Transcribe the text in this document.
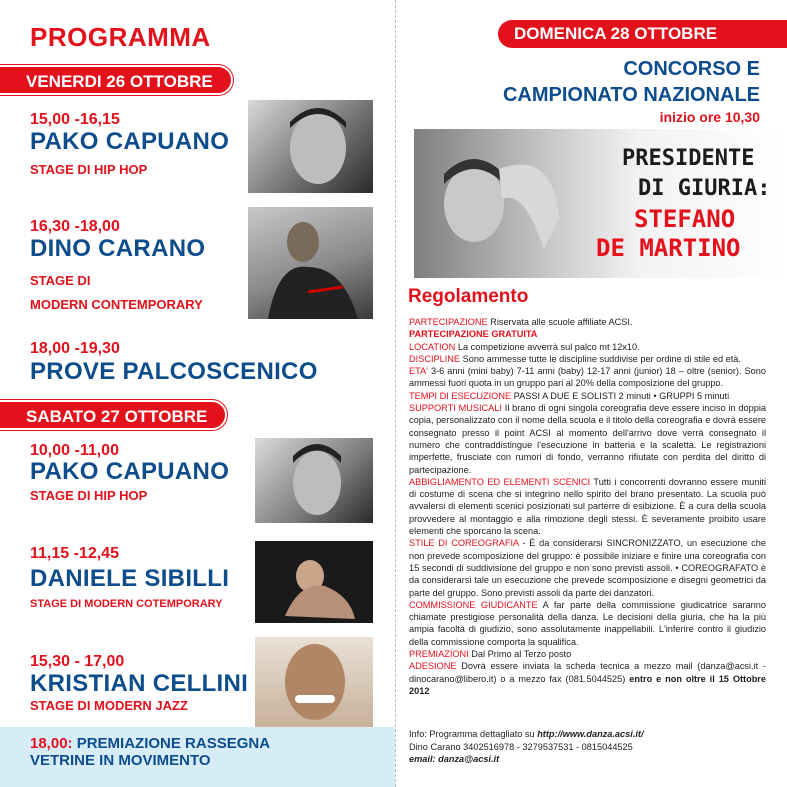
PROGRAMMA
VENERDI 26 OTTOBRE
15,00 -16,15
PAKO CAPUANO
STAGE DI HIP HOP
16,30 -18,00
DINO CARANO
STAGE DI
MODERN CONTEMPORARY
18,00 -19,30
PROVE PALCOSCENICO
SABATO 27 OTTOBRE
10,00 -11,00
PAKO CAPUANO
STAGE DI HIP HOP
11,15 -12,45
DANIELE SIBILLI
STAGE DI MODERN COTEMPORARY
15,30 - 17,00
KRISTIAN CELLINI
STAGE DI MODERN JAZZ
18,00: PREMIAZIONE RASSEGNA
VETRINE IN MOVIMENTO
DOMENICA 28 OTTOBRE
CONCORSO E
CAMPIONATO NAZIONALE
inizio ore 10,30
PRESIDENTE
DI GIURIA:
STEFANO
DE MARTINO
Regolamento
PARTECIPAZIONE Riservata alle scuole affiliate ACSI.
PARTECIPAZIONE GRATUITA
LOCATION La competizione avverrà sul palco mt 12x10.
DISCIPLINE Sono ammesse tutte le discipline suddivise per ordine di stile ed età.
ETA' 3-6 anni (mini baby) 7-11 anni (baby) 12-17 anni (junior) 18 – oltre (senior). Sono ammessi fuori quota in un gruppo pari al 20% della composizione del gruppo.
TEMPI DI ESECUZIONE PASSI A DUE E SOLISTI 2 minuti • GRUPPI 5 minuti
SUPPORTI MUSICALI Il brano di ogni singola coreografia deve essere inciso in doppia copia, personalizzato con il nome della scuola e il titolo della coreografia e dovrà essere consegnato presso il point ACSI al momento dell'arrivo dove verrà consegnato il numero che contraddistingue l'esecuzione in batteria e la scaletta. Le registrazioni imperfette, frusciate con rumori di fondo, verranno rifiutate con perdita del diritto di partecipazione.
ABBIGLIAMENTO ED ELEMENTI SCENICI Tutti i concorrenti dovranno essere muniti di costume di scena che si integrino nello spirito del brano presentato. La scuola può avvalersi di elementi scenici posizionati sul parterre di esibizione. È a cura della scuola provvedere al montaggio e alla rimozione degli stessi. È severamente proibito usare elementi che sporcano la scena.
STILE DI COREOGRAFIA - È da considerarsi SINCRONIZZATO, un esecuzione che non prevede scomposizione del gruppo: è possibile iniziare e finire una coreografia con 15 secondi di suddivisione del gruppo e non sono previsti assoli. • COREOGRAFATO è da considerarsi tale un esecuzione che prevede scomposizione e disegni geometrici da parte del gruppo. Sono previsti assoli da parte dei danzatori.
COMMISSIONE GIUDICANTE A far parte della commissione giudicatrice saranno chiamate prestigiose personalità della danza. Le decisioni della giuria, che ha la più ampia facoltà di giudizio, sono assolutamente inappellabili. L'inferire contro il giudizio della commissione comporta la squalifica.
PREMIAZIONI Dal Primo al Terzo posto
ADESIONE Dovrà essere inviata la scheda tecnica a mezzo mail (danza@acsi.it - dinocarano@libero.it) o a mezzo fax (081.5044525) entro e non oltre il 15 Ottobre 2012
Info: Programma dettagliato su http://www.danza.acsi.it/
Dino Carano 3402516978 - 3279537531 - 0815044525
email: danza@acsi.it
